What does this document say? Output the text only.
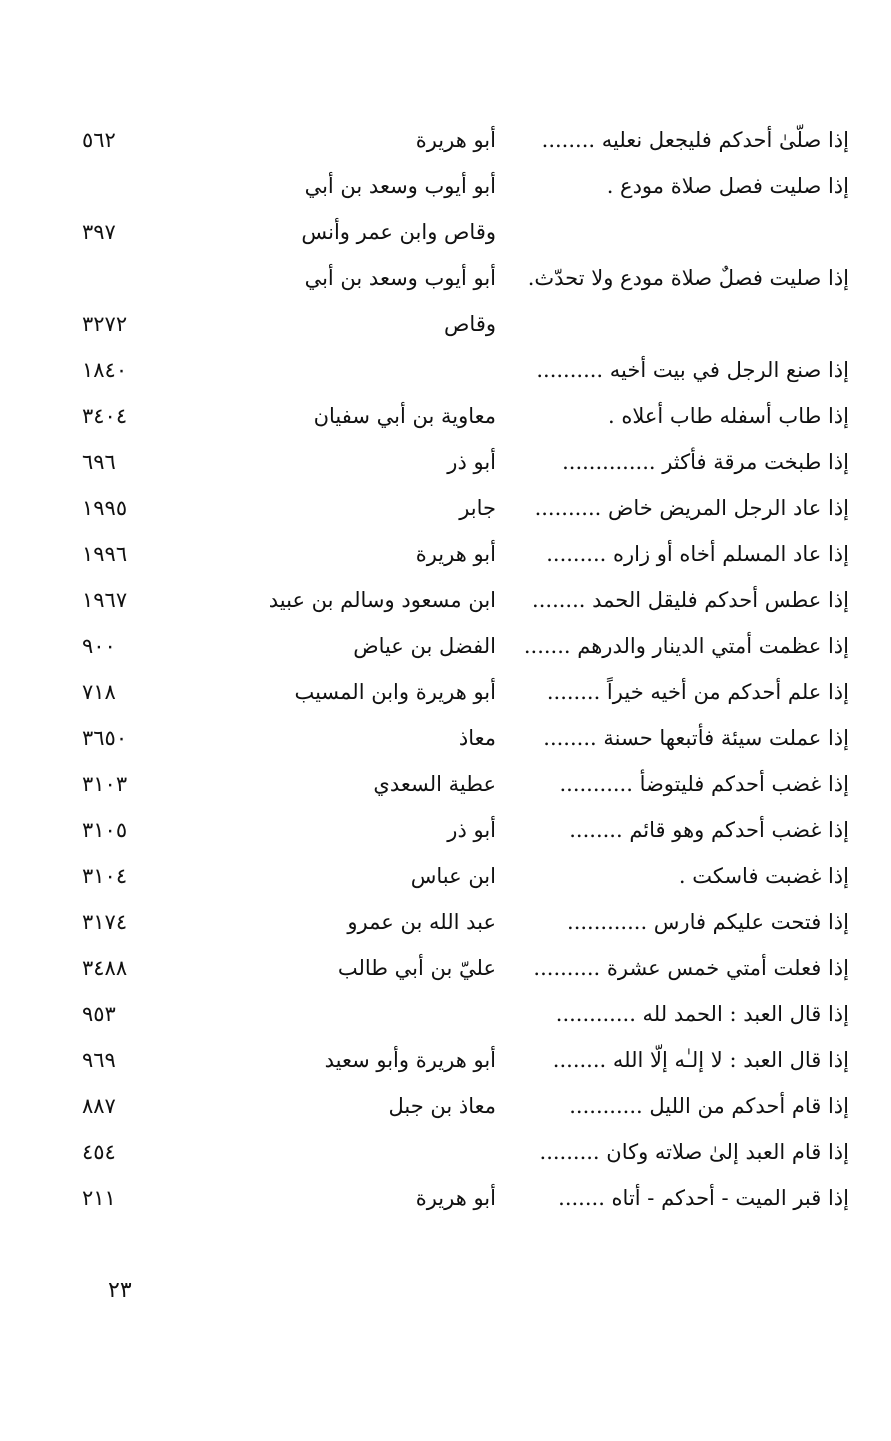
إذا صلّىٰ أحدكم فليجعل نعليه ........
أبو هريرة
٥٦٢
إذا صليت فصل صلاة مودع .
أبو أيوب وسعد بن أبي
وقاص وابن عمر وأنس
٣٩٧
إذا صليت فصلٌ صلاة مودع ولا تحدّث.
أبو أيوب وسعد بن أبي
وقاص
٣٢٧٢
إذا صنع الرجل في بيت أخيه ..........
١٨٤٠
إذا طاب أسفله طاب أعلاه .
معاوية بن أبي سفيان
٣٤٠٤
إذا طبخت مرقة فأكثر ..............
أبو ذر
٦٩٦
إذا عاد الرجل المريض خاض ..........
جابر
١٩٩٥
إذا عاد المسلم أخاه أو زاره .........
أبو هريرة
١٩٩٦
إذا عطس أحدكم فليقل الحمد ........
ابن مسعود وسالم بن عبيد
١٩٦٧
إذا عظمت أمتي الدينار والدرهم .......
الفضل بن عياض
٩٠٠
إذا علم أحدكم من أخيه خيراً ........
أبو هريرة وابن المسيب
٧١٨
إذا عملت سيئة فأتبعها حسنة ........
معاذ
٣٦٥٠
إذا غضب أحدكم فليتوضأ ...........
عطية السعدي
٣١٠٣
إذا غضب أحدكم وهو قائم ........
أبو ذر
٣١٠٥
إذا غضبت فاسكت .
ابن عباس
٣١٠٤
إذا فتحت عليكم فارس ............
عبد الله بن عمرو
٣١٧٤
إذا فعلت أمتي خمس عشرة ..........
عليّ بن أبي طالب
٣٤٨٨
إذا قال العبد : الحمد لله ............
٩٥٣
إذا قال العبد : لا إلـٰه إلّا الله ........
أبو هريرة وأبو سعيد
٩٦٩
إذا قام أحدكم من الليل ...........
معاذ بن جبل
٨٨٧
إذا قام العبد إلىٰ صلاته وكان .........
٤٥٤
إذا قبر الميت - أحدكم - أتاه .......
أبو هريرة
٢١١
٢٣
